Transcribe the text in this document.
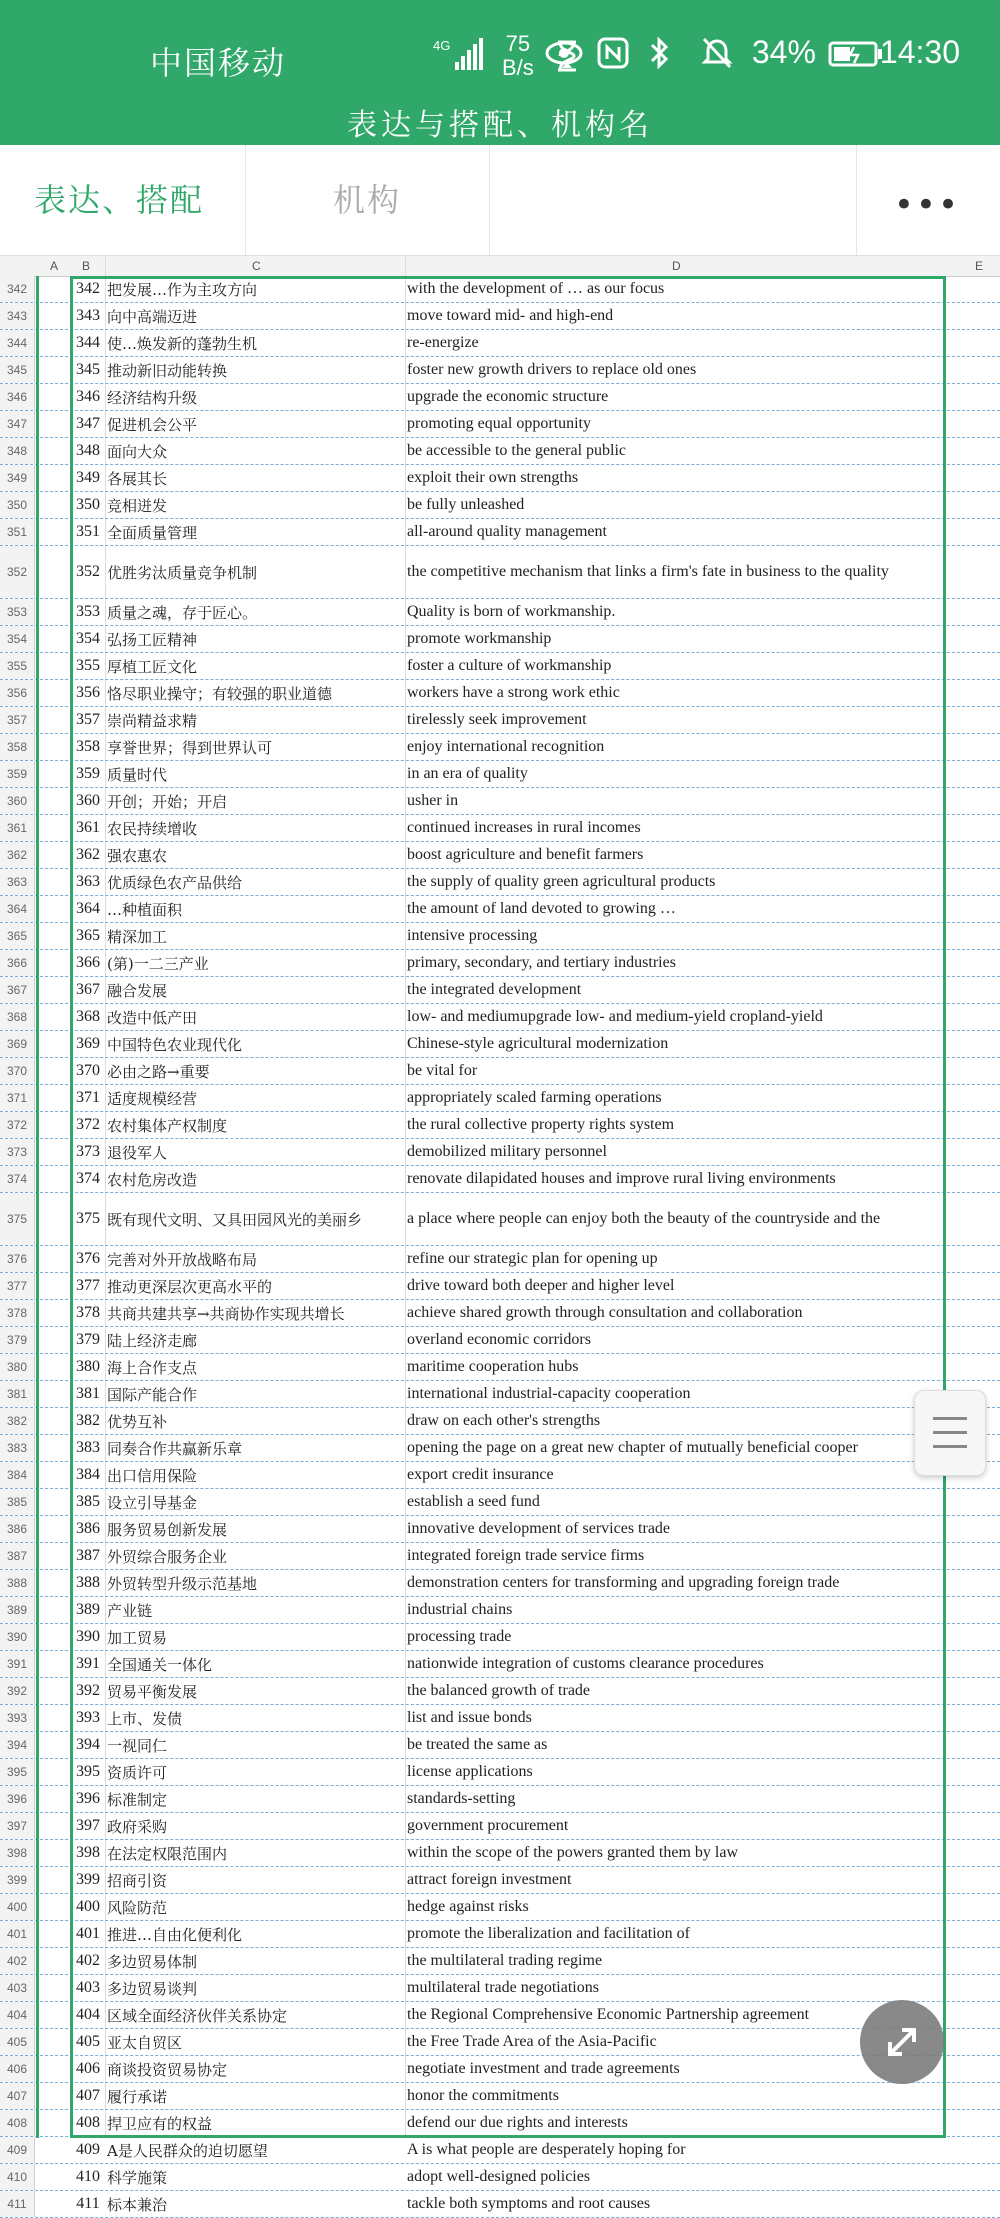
中国移动	4G	75
B/s	34% 14:30
表达与搭配、机构名
表达、搭配	机构	•••
A B	C	D	E
342	342 把发展…作为主攻方向	with the development of … as our focus
343	343 向中高端迈进	move toward mid- and high-end
344	344 使…焕发新的蓬勃生机	re-energize
345	345 推动新旧动能转换	foster new growth drivers to replace old ones
346	346 经济结构升级	upgrade the economic structure
347	347 促进机会公平	promoting equal opportunity
348	348 面向大众	be accessible to the general public
349	349 各展其长	exploit their own strengths
350	350 竞相迸发	be fully unleashed
351	351 全面质量管理	all-around quality management
352	352 优胜劣汰质量竞争机制	the competitive mechanism that links a firm's fate in business to the quality
353	353 质量之魂，存于匠心。	Quality is born of workmanship.
354	354 弘扬工匠精神	promote workmanship
355	355 厚植工匠文化	foster a culture of workmanship
356	356 恪尽职业操守；有较强的职业道德	workers have a strong work ethic
357	357 崇尚精益求精	tirelessly seek improvement
358	358 享誉世界；得到世界认可	enjoy international recognition
359	359 质量时代	in an era of quality
360	360 开创；开始；开启	usher in
361	361 农民持续增收	continued increases in rural incomes
362	362 强农惠农	boost agriculture and benefit farmers
363	363 优质绿色农产品供给	the supply of quality green agricultural products
364	364 …种植面积	the amount of land devoted to growing …
365	365 精深加工	intensive processing
366	366 (第)一二三产业	primary, secondary, and tertiary industries
367	367 融合发展	the integrated development
368	368 改造中低产田	low- and mediumupgrade low- and medium-yield cropland-yield
369	369 中国特色农业现代化	Chinese-style agricultural modernization
370	370 必由之路→重要	be vital for
371	371 适度规模经营	appropriately scaled farming operations
372	372 农村集体产权制度	the rural collective property rights system
373	373 退役军人	demobilized military personnel
374	374 农村危房改造	renovate dilapidated houses and improve rural living environments
375	375 既有现代文明、又具田园风光的美丽乡	a place where people can enjoy both the beauty of the countryside and the
376	376 完善对外开放战略布局	refine our strategic plan for opening up
377	377 推动更深层次更高水平的	drive toward both deeper and higher level
378	378 共商共建共享→共商协作实现共增长	achieve shared growth through consultation and collaboration
379	379 陆上经济走廊	overland economic corridors
380	380 海上合作支点	maritime cooperation hubs
381	381 国际产能合作	international industrial-capacity cooperation
382	382 优势互补	draw on each other's strengths
383	383 同奏合作共赢新乐章	opening the page on a great new chapter of mutually beneficial cooper
384	384 出口信用保险	export credit insurance
385	385 设立引导基金	establish a seed fund
386	386 服务贸易创新发展	innovative development of services trade
387	387 外贸综合服务企业	integrated foreign trade service firms
388	388 外贸转型升级示范基地	demonstration centers for transforming and upgrading foreign trade
389	389 产业链	industrial chains
390	390 加工贸易	processing trade
391	391 全国通关一体化	nationwide integration of customs clearance procedures
392	392 贸易平衡发展	the balanced growth of trade
393	393 上市、发债	list and issue bonds
394	394 一视同仁	be treated the same as
395	395 资质许可	license applications
396	396 标准制定	standards-setting
397	397 政府采购	government procurement
398	398 在法定权限范围内	within the scope of the powers granted them by law
399	399 招商引资	attract foreign investment
400	400 风险防范	hedge against risks
401	401 推进…自由化便利化	promote the liberalization and facilitation of
402	402 多边贸易体制	the multilateral trading regime
403	403 多边贸易谈判	multilateral trade negotiations
404	404 区域全面经济伙伴关系协定	the Regional Comprehensive Economic Partnership agreement
405	405 亚太自贸区	the Free Trade Area of the Asia-Pacific
406	406 商谈投资贸易协定	negotiate investment and trade agreements
407	407 履行承诺	honor the commitments
408	408 捍卫应有的权益	defend our due rights and interests
409	409 A是人民群众的迫切愿望	A is what people are desperately hoping for
410	410 科学施策	adopt well-designed policies
411	411 标本兼治	tackle both symptoms and root causes
